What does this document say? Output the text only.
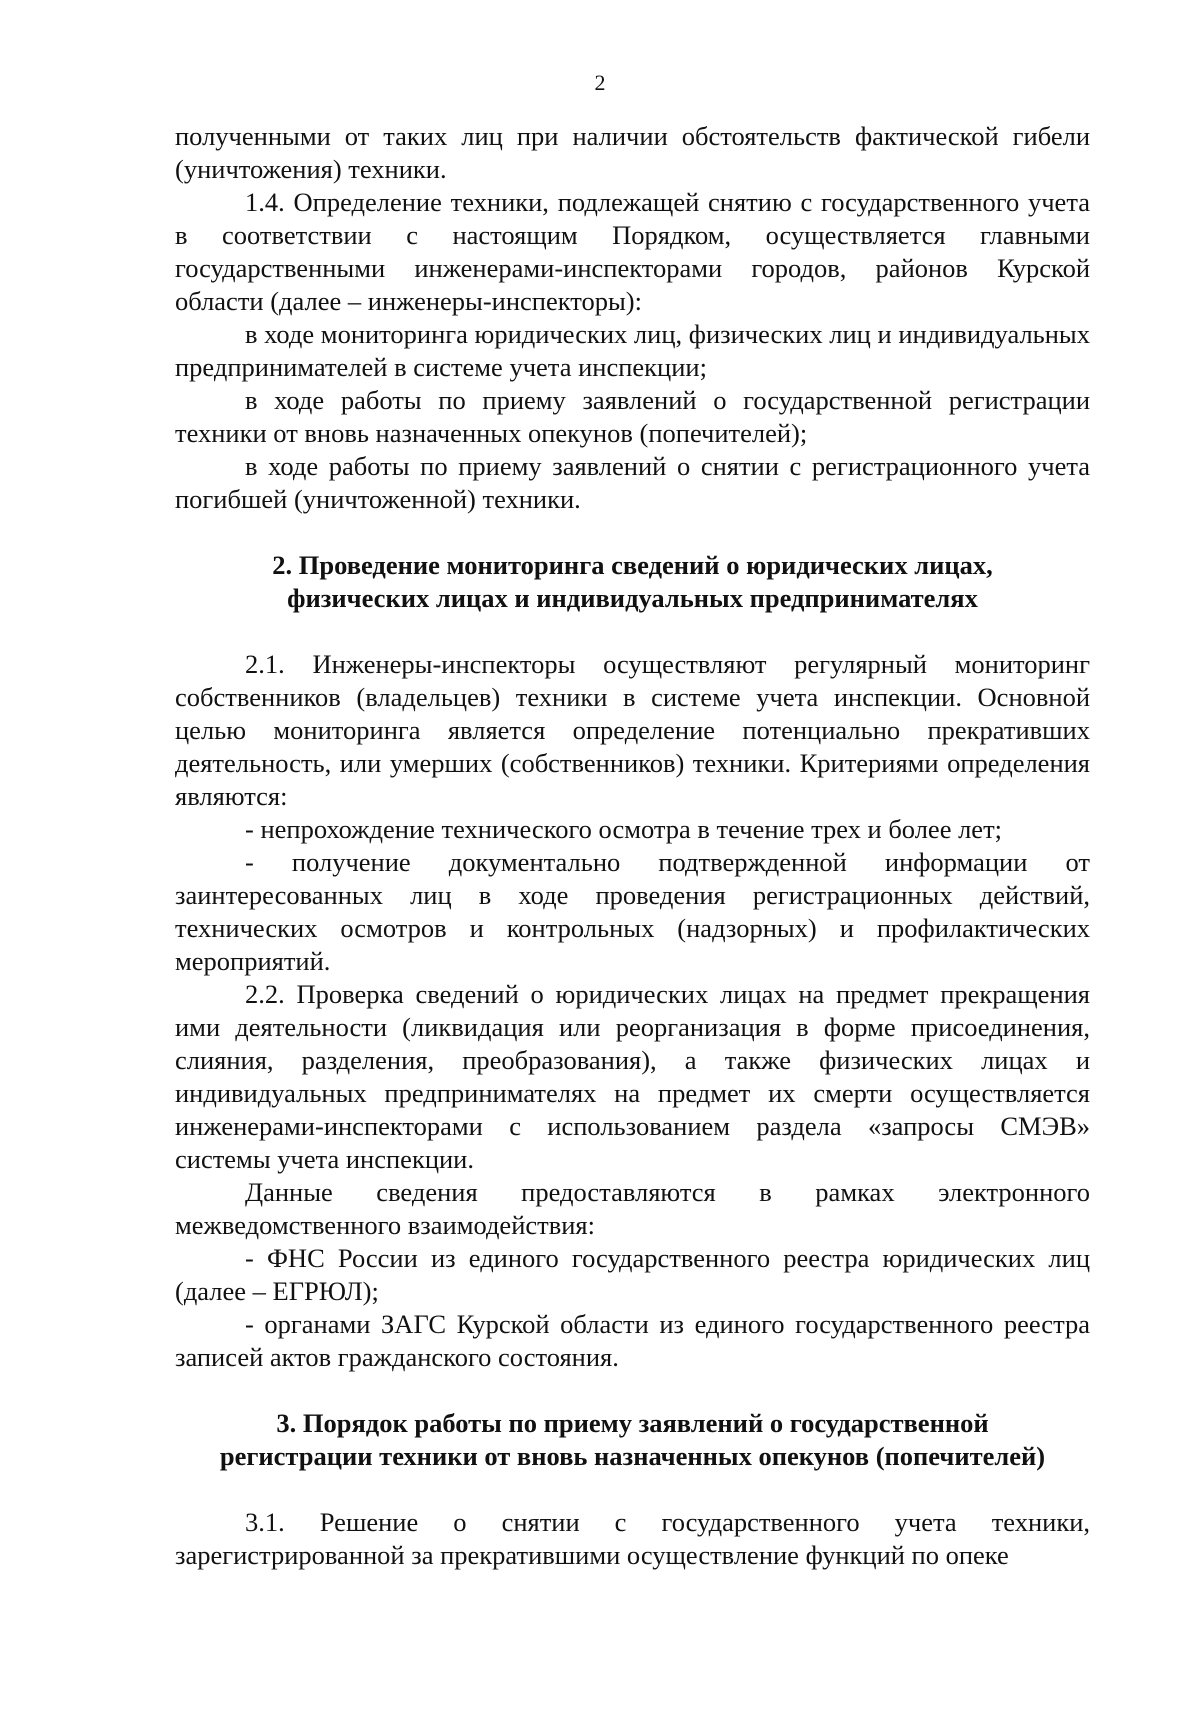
2

полученными от таких лиц при наличии обстоятельств фактической гибели (уничтожения) техники.

1.4. Определение техники, подлежащей снятию с государственного учета в соответствии с настоящим Порядком, осуществляется главными государственными инженерами-инспекторами городов, районов Курской области (далее – инженеры-инспекторы):

в ходе мониторинга юридических лиц, физических лиц и индивидуальных предпринимателей в системе учета инспекции;

в ходе работы по приему заявлений о государственной регистрации техники от вновь назначенных опекунов (попечителей);

в ходе работы по приему заявлений о снятии с регистрационного учета погибшей (уничтоженной) техники.

2. Проведение мониторинга сведений о юридических лицах,

физических лицах и индивидуальных предпринимателях

2.1. Инженеры-инспекторы осуществляют регулярный мониторинг собственников (владельцев) техники в системе учета инспекции. Основной целью мониторинга является определение потенциально прекративших деятельность, или умерших (собственников) техники. Критериями определения являются:

- непрохождение технического осмотра в течение трех и более лет;

- получение документально подтвержденной информации от заинтересованных лиц в ходе проведения регистрационных действий, технических осмотров и контрольных (надзорных) и профилактических мероприятий.

2.2. Проверка сведений о юридических лицах на предмет прекращения ими деятельности (ликвидация или реорганизация в форме присоединения, слияния, разделения, преобразования), а также физических лицах и индивидуальных предпринимателях на предмет их смерти осуществляется инженерами-инспекторами с использованием раздела «запросы СМЭВ» системы учета инспекции.

Данные сведения предоставляются в рамках электронного межведомственного взаимодействия:

- ФНС России из единого государственного реестра юридических лиц (далее – ЕГРЮЛ);

- органами ЗАГС Курской области из единого государственного реестра записей актов гражданского состояния.

3. Порядок работы по приему заявлений о государственной

регистрации техники от вновь назначенных опекунов (попечителей)

3.1. Решение о снятии с государственного учета техники, зарегистрированной за прекратившими осуществление функций по опеке
